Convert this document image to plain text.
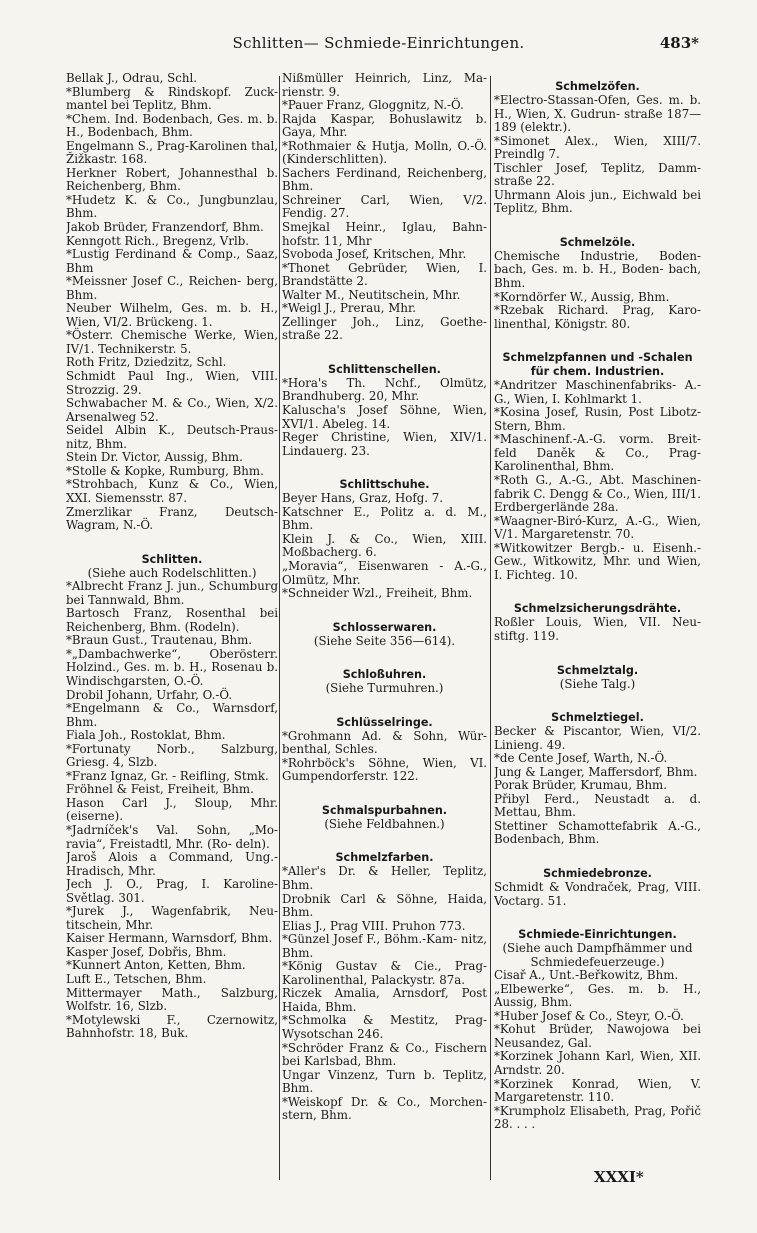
Schlitten— Schmiede-Einrichtungen.	483*
Bellak J., Odrau, Schl.
*Blumberg & Rindskopf. Zuck- mantel bei Teplitz, Bhm.
*Chem. Ind. Bodenbach, Ges. m. b. H., Bodenbach, Bhm.
Engelmann S., Prag-Karolinen thal, Žižkastr. 168.
Herkner Robert, Johannesthal b. Reichenberg, Bhm.
*Hudetz K. & Co., Jungbunzlau, Bhm.
Jakob Brüder, Franzendorf, Bhm.
Kenngott Rich., Bregenz, Vrlb.
*Lustig Ferdinand & Comp., Saaz, Bhm
*Meissner Josef C., Reichen- berg, Bhm.
Neuber Wilhelm, Ges. m. b. H., Wien, VI/2. Brückeng. 1.
*Österr. Chemische Werke, Wien, IV/1. Technikerstr. 5.
Roth Fritz, Dziedzitz, Schl.
Schmidt Paul Ing., Wien, VIII. Strozzig. 29.
Schwabacher M. & Co., Wien, X/2. Arsenalweg 52.
Seidel Albin K., Deutsch-Praus- nitz, Bhm.
Stein Dr. Victor, Aussig, Bhm.
*Stolle & Kopke, Rumburg, Bhm.
*Strohbach, Kunz & Co., Wien, XXI. Siemensstr. 87.
Zmerzlikar Franz, Deutsch- Wagram, N.-Ö.
Schlitten.
(Siehe auch Rodelschlitten.)
*Albrecht Franz J. jun., Schumburg bei Tannwald, Bhm.
Bartosch Franz, Rosenthal bei Reichenberg, Bhm. (Rodeln).
*Braun Gust., Trautenau, Bhm.
*„Dambachwerke“, Oberösterr. Holzind., Ges. m. b. H., Rosenau b. Windischgarsten, O.-Ö.
Drobil Johann, Urfahr, O.-Ö.
*Engelmann & Co., Warnsdorf, Bhm.
Fiala Joh., Rostoklat, Bhm.
*Fortunaty Norb., Salzburg, Griesg. 4, Slzb.
*Franz Ignaz, Gr. - Reifling, Stmk.
Fröhnel & Feist, Freiheit, Bhm.
Hason Carl J., Sloup, Mhr. (eiserne).
*Jadrníček's Val. Sohn, „Mo- ravia“, Freistadtl, Mhr. (Ro- deln).
Jaroš Alois a Command, Ung.- Hradisch, Mhr.
Jech J. O., Prag, I. Karoline- Světlag. 301.
*Jurek J., Wagenfabrik, Neu- titschein, Mhr.
Kaiser Hermann, Warnsdorf, Bhm.
Kasper Josef, Dobřis, Bhm.
*Kunnert Anton, Ketten, Bhm.
Luft E., Tetschen, Bhm.
Mittermayer Math., Salzburg, Wolfstr. 16, Slzb.
*Motylewski F., Czernowitz, Bahnhofstr. 18, Buk.
Nißmüller Heinrich, Linz, Ma- rienstr. 9.
*Pauer Franz, Gloggnitz, N.-Ö.
Rajda Kaspar, Bohuslawitz b. Gaya, Mhr.
*Rothmaier & Hutja, Molln, O.-Ö. (Kinderschlitten).
Sachers Ferdinand, Reichenberg, Bhm.
Schreiner Carl, Wien, V/2. Fendig. 27.
Smejkal Heinr., Iglau, Bahn- hofstr. 11, Mhr
Svoboda Josef, Kritschen, Mhr.
*Thonet Gebrüder, Wien, I. Brandstätte 2.
Walter M., Neutitschein, Mhr.
*Weigl J., Prerau, Mhr.
Zellinger Joh., Linz, Goethe- straße 22.
Schlittenschellen.
*Hora's Th. Nchf., Olmütz, Brandhuberg. 20, Mhr.
Kaluscha's Josef Söhne, Wien, XVI/1. Abeleg. 14.
Reger Christine, Wien, XIV/1. Lindauerg. 23.
Schlittschuhe.
Beyer Hans, Graz, Hofg. 7.
Katschner E., Politz a. d. M., Bhm.
Klein J. & Co., Wien, XIII. Moßbacherg. 6.
„Moravia“, Eisenwaren - A.-G., Olmütz, Mhr.
*Schneider Wzl., Freiheit, Bhm.
Schlosserwaren.
(Siehe Seite 356—614).
Schloßuhren.
(Siehe Turmuhren.)
Schlüsselringe.
*Grohmann Ad. & Sohn, Wür- benthal, Schles.
*Rohrböck's Söhne, Wien, VI. Gumpendorferstr. 122.
Schmalspurbahnen.
(Siehe Feldbahnen.)
Schmelzfarben.
*Aller's Dr. & Heller, Teplitz, Bhm.
Drobnik Carl & Söhne, Haida, Bhm.
Elias J., Prag VIII. Pruhon 773.
*Günzel Josef F., Böhm.-Kam- nitz, Bhm.
*König Gustav & Cie., Prag- Karolinenthal, Palackystr. 87a.
Riczek Amalia, Arnsdorf, Post Haida, Bhm.
*Schmolka & Mestitz, Prag- Wysotschan 246.
*Schröder Franz & Co., Fischern bei Karlsbad, Bhm.
Ungar Vinzenz, Turn b. Teplitz, Bhm.
*Weiskopf Dr. & Co., Morchen- stern, Bhm.
Schmelzöfen.
*Electro-Stassan-Ofen, Ges. m. b. H., Wien, X. Gudrun- straße 187—189 (elektr.).
*Simonet Alex., Wien, XIII/7. Preindlg 7.
Tischler Josef, Teplitz, Damm- straße 22.
Uhrmann Alois jun., Eichwald bei Teplitz, Bhm.
Schmelzöle.
Chemische Industrie, Boden- bach, Ges. m. b. H., Boden- bach, Bhm.
*Korndörfer W., Aussig, Bhm.
*Rzebak Richard. Prag, Karo- linenthal, Königstr. 80.
Schmelzpfannen und -Schalen für chem. Industrien.
*Andritzer Maschinenfabriks- A.-G., Wien, I. Kohlmarkt 1.
*Kosina Josef, Rusin, Post Libotz- Stern, Bhm.
*Maschinenf.-A.-G. vorm. Breit- feld Daněk & Co., Prag- Karolinenthal, Bhm.
*Roth G., A.-G., Abt. Maschinen- fabrik C. Dengg & Co., Wien, III/1. Erdbergerlände 28a.
*Waagner-Biró-Kurz, A.-G., Wien, V/1. Margaretenstr. 70.
*Witkowitzer Bergb.- u. Eisenh.- Gew., Witkowitz, Mhr. und Wien, I. Fichteg. 10.
Schmelzsicherungsdrähte.
Roßler Louis, Wien, VII. Neu- stiftg. 119.
Schmelztalg.
(Siehe Talg.)
Schmelztiegel.
Becker & Piscantor, Wien, VI/2. Linieng. 49.
*de Cente Josef, Warth, N.-Ö.
Jung & Langer, Maffersdorf, Bhm.
Porak Brüder, Krumau, Bhm.
Přibyl Ferd., Neustadt a. d. Mettau, Bhm.
Stettiner Schamottefabrik A.-G., Bodenbach, Bhm.
Schmiedebronze.
Schmidt & Vondraček, Prag, VIII. Voctarg. 51.
Schmiede-Einrichtungen.
(Siehe auch Dampfhämmer und Schmiedefeuerzeuge.)
Cisař A., Unt.-Beřkowitz, Bhm.
„Elbewerke“, Ges. m. b. H., Aussig, Bhm.
*Huber Josef & Co., Steyr, O.-Ö.
*Kohut Brüder, Nawojowa bei Neusandez, Gal.
*Korzinek Johann Karl, Wien, XII. Arndstr. 20.
*Korzinek Konrad, Wien, V. Margaretenstr. 110.
*Krumpholz Elisabeth, Prag, Pořič 28. . . .
XXXI*
